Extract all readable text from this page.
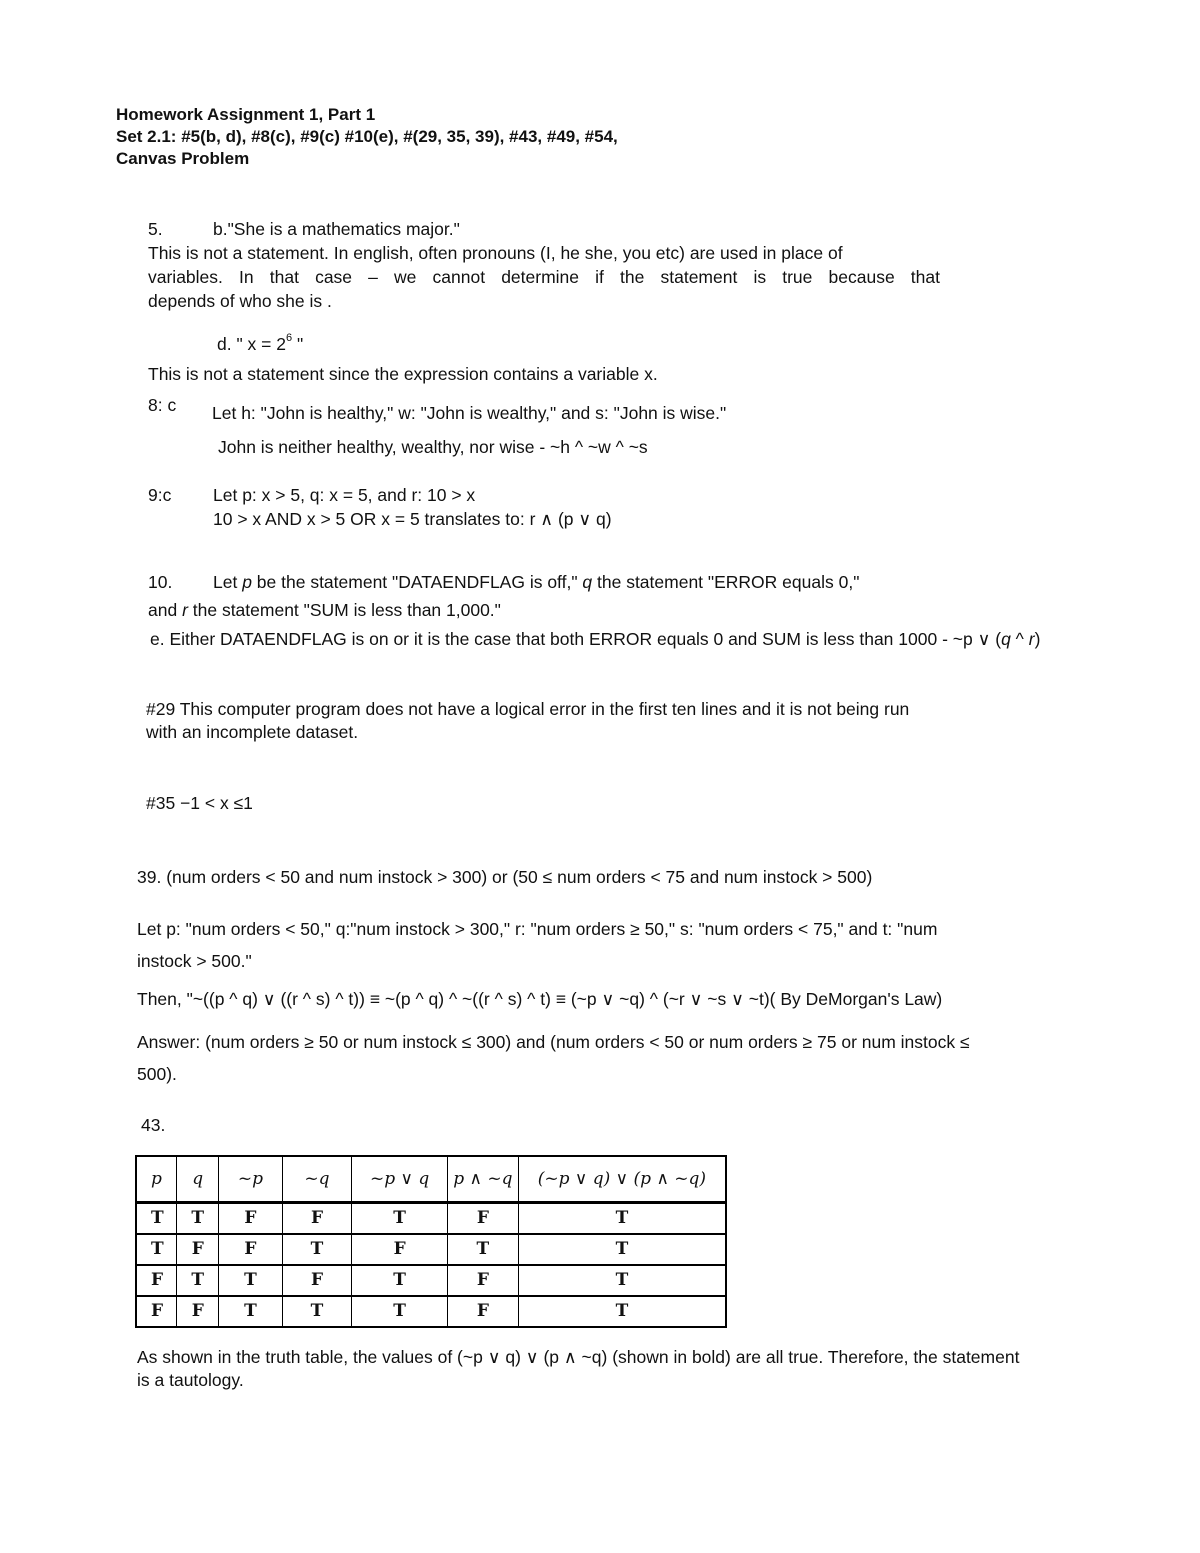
Homework Assignment 1, Part 1
Set 2.1: #5(b, d), #8(c), #9(c) #10(e), #(29, 35, 39), #43, #49, #54,
Canvas Problem
5.	b."She is a mathematics major."
This is not a statement. In english, often pronouns (I, he she, you etc) are used in place of
variables. In that case – we cannot determine if the statement is true because that
depends of who she is .
d. " $x = 2^6$ "
This is not a statement since the expression contains a variable x.
8: c Let h: "John is healthy," w: "John is wealthy," and s: "John is wise."
John is neither healthy, wealthy, nor wise - ~h ^ ~w ^ ~s
9:c Let p: x > 5, q: x = 5, and r: 10 > x
10 > x AND x > 5 OR x = 5 translates to: r ∧ (p ∨ q)
10. Let p be the statement "DATAENDFLAG is off," q the statement "ERROR equals 0,"
and r the statement "SUM is less than 1,000."
e. Either DATAENDFLAG is on or it is the case that both ERROR equals 0 and SUM is less than 1000 - ~p ∨ (q ^ r)
#29 This computer program does not have a logical error in the first ten lines and it is not being run
with an incomplete dataset.
#35 −1 < x ≤1
39. (num orders < 50 and num instock > 300) or (50 ≤ num orders < 75 and num instock > 500)
Let p: "num orders < 50," q:"num instock > 300," r: "num orders ≥ 50," s: "num orders < 75," and t: "num
instock > 500."
Then, "~((p ^ q) ∨ ((r ^ s) ^ t)) ≡ ~(p ^ q) ^ ~((r ^ s) ^ t) ≡ (~p ∨ ~q) ^ (~r ∨ ~s ∨ ~t)( By DeMorgan's Law)
Answer: (num orders ≥ 50 or num instock ≤ 300) and (num orders < 50 or num orders ≥ 75 or num instock ≤
500).
43.
p	q	~p	~q	~p ∨ q	p ∧ ~q	(~p ∨ q) ∨ (p ∧ ~q)
T	T	F	F	T	F	T
T	F	F	T	F	T	T
F	T	T	F	T	F	T
F	F	T	T	T	F	T
As shown in the truth table, the values of (~p ∨ q) ∨ (p ∧ ~q) (shown in bold) are all true. Therefore, the statement
is a tautology.
